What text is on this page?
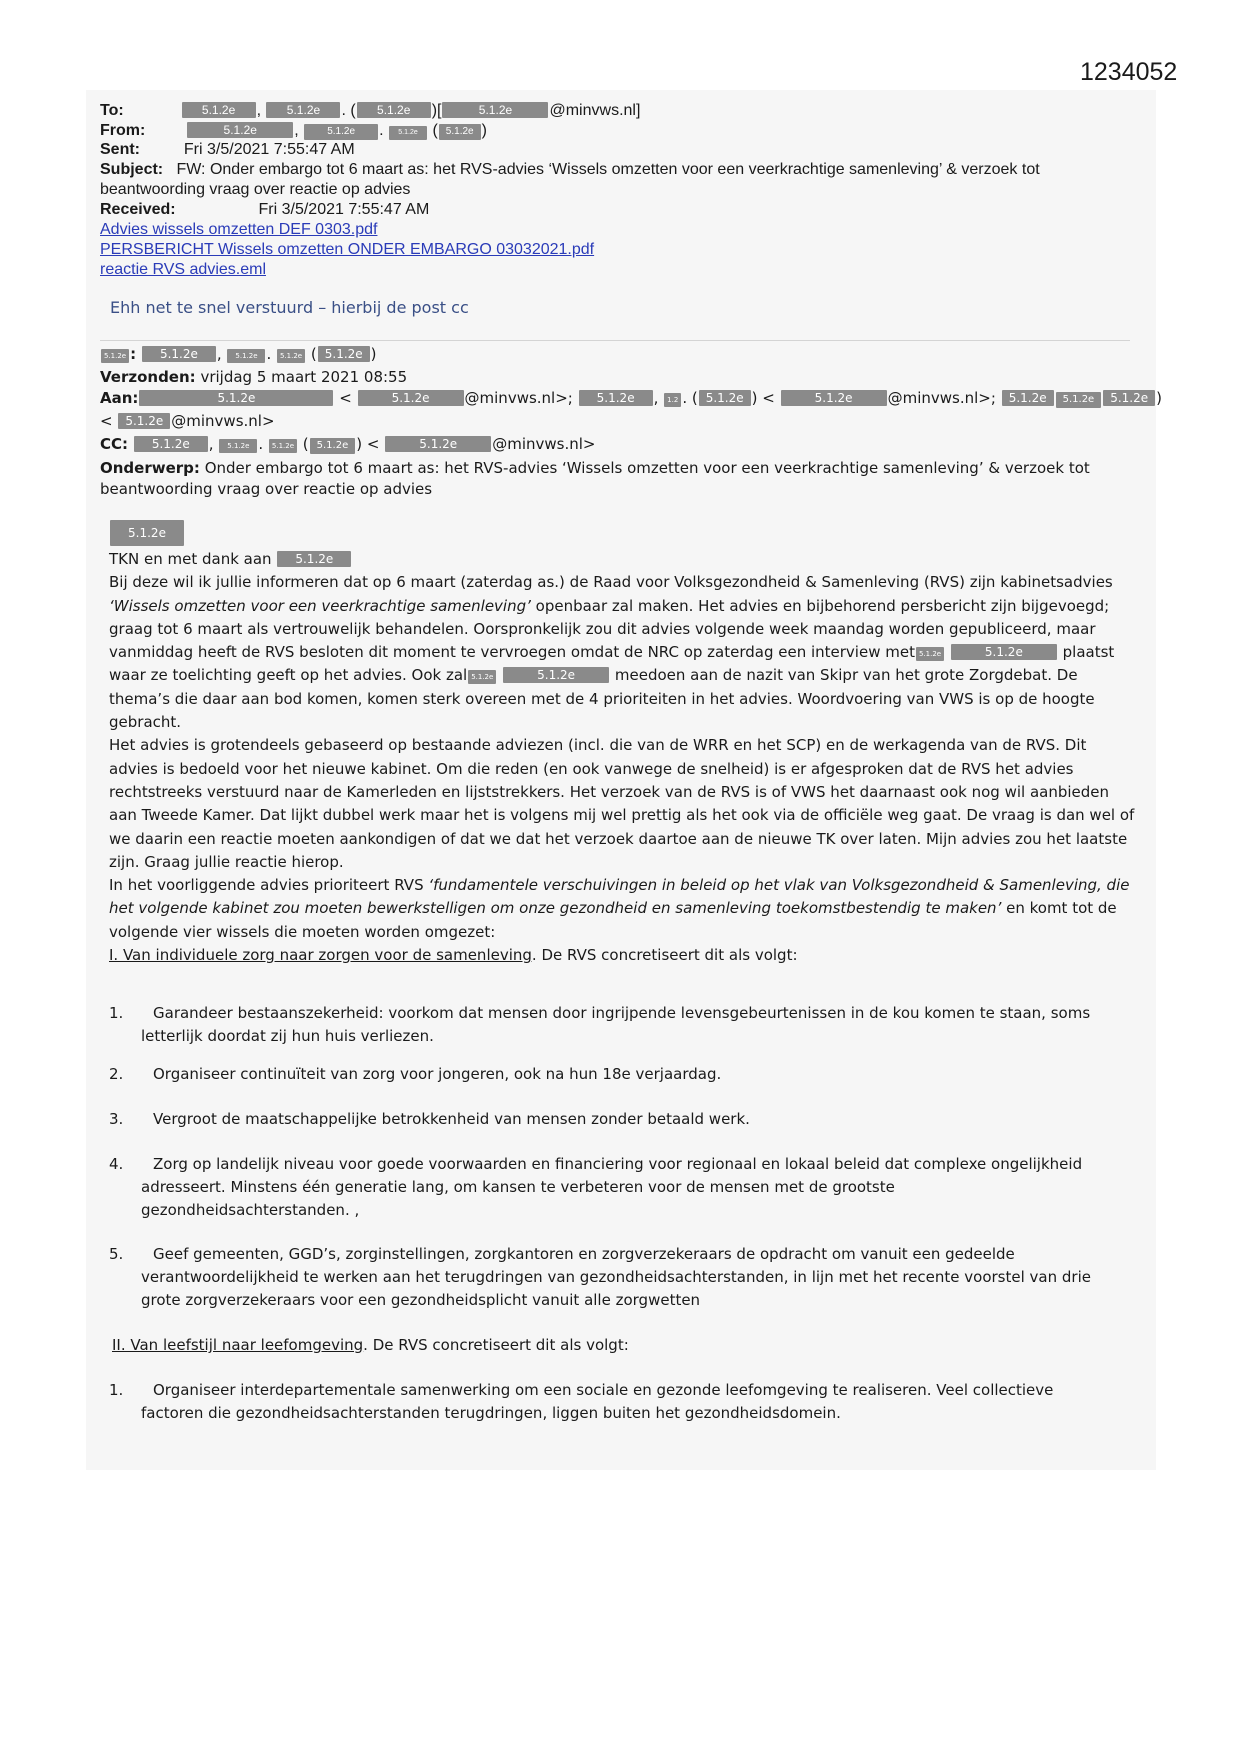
1234052
To:	5.1.2e , 5.1.2e . ( 5.1.2e )[	5.1.2e @minvws.nl]
From:	5.1.2e , 5.1.2e . 5.1.2e ( 5.1.2e )
Sent:	Fri 3/5/2021 7:55:47 AM
Subject: FW: Onder embargo tot 6 maart as: het RVS-advies ‘Wissels omzetten voor een veerkrachtige samenleving’ & verzoek tot beantwoording vraag over reactie op advies
Received:	Fri 3/5/2021 7:55:47 AM
Advies wissels omzetten DEF 0303.pdf
PERSBERICHT Wissels omzetten ONDER EMBARGO 03032021.pdf
reactie RVS advies.eml
Ehh net te snel verstuurd – hierbij de post cc
5.1.2e : 5.1.2e , 5.1.2e . 5.1.2e ( 5.1.2e )
Verzonden: vrijdag 5 maart 2021 08:55
Aan:	5.1.2e	<	5.1.2e @minvws.nl>; 5.1.2e , 1.2 . ( 5.1.2e ) <	5.1.2e @minvws.nl>; 5.1.2e 5.1.2e 5.1.2e )
< 5.1.2e @minvws.nl>
CC: 5.1.2e , 5.1.2e . 5.1.2e ( 5.1.2e ) <	5.1.2e @minvws.nl>
Onderwerp: Onder embargo tot 6 maart as: het RVS-advies ‘Wissels omzetten voor een veerkrachtige samenleving’ & verzoek tot beantwoording vraag over reactie op advies

5.1.2e

TKN en met dank aan 5.1.2e

Bij deze wil ik jullie informeren dat op 6 maart (zaterdag as.) de Raad voor Volksgezondheid & Samenleving (RVS) zijn kabinetsadvies ‘Wissels omzetten voor een veerkrachtige samenleving’ openbaar zal maken. Het advies en bijbehorend persbericht zijn bijgevoegd; graag tot 6 maart als vertrouwelijk behandelen. Oorspronkelijk zou dit advies volgende week maandag worden gepubliceerd, maar vanmiddag heeft de RVS besloten dit moment te vervroegen omdat de NRC op zaterdag een interview met 5.1.2e	5.1.2e	plaatst waar ze toelichting geeft op het advies. Ook zal 5.1.2e	5.1.2e	meedoen aan de nazit van Skipr van het grote Zorgdebat. De thema’s die daar aan bod komen, komen sterk overeen met de 4 prioriteiten in het advies. Woordvoering van VWS is op de hoogte gebracht.

Het advies is grotendeels gebaseerd op bestaande adviezen (incl. die van de WRR en het SCP) en de werkagenda van de RVS. Dit advies is bedoeld voor het nieuwe kabinet. Om die reden (en ook vanwege de snelheid) is er afgesproken dat de RVS het advies rechtstreeks verstuurd naar de Kamerleden en lijststrekkers. Het verzoek van de RVS is of VWS het daarnaast ook nog wil aanbieden aan Tweede Kamer. Dat lijkt dubbel werk maar het is volgens mij wel prettig als het ook via de officiële weg gaat. De vraag is dan wel of we daarin een reactie moeten aankondigen of dat we dat het verzoek daartoe aan de nieuwe TK over laten. Mijn advies zou het laatste zijn. Graag jullie reactie hierop.

In het voorliggende advies prioriteert RVS ‘fundamentele verschuivingen in beleid op het vlak van Volksgezondheid & Samenleving, die het volgende kabinet zou moeten bewerkstelligen om onze gezondheid en samenleving toekomstbestendig te maken’ en komt tot de volgende vier wissels die moeten worden omgezet:

I. Van individuele zorg naar zorgen voor de samenleving. De RVS concretiseert dit als volgt:

1.	Garandeer bestaanszekerheid: voorkom dat mensen door ingrijpende levensgebeurtenissen in de kou komen te staan, soms
letterlijk doordat zij hun huis verliezen.
2.	Organiseer continuïteit van zorg voor jongeren, ook na hun 18e verjaardag.
3.	Vergroot de maatschappelijke betrokkenheid van mensen zonder betaald werk.
4.	Zorg op landelijk niveau voor goede voorwaarden en financiering voor regionaal en lokaal beleid dat complexe ongelijkheid
adresseert. Minstens één generatie lang, om kansen te verbeteren voor de mensen met de grootste gezondheidsachterstanden. ,
5.	Geef gemeenten, GGD’s, zorginstellingen, zorgkantoren en zorgverzekeraars de opdracht om vanuit een gedeelde
verantwoordelijkheid te werken aan het terugdringen van gezondheidsachterstanden, in lijn met het recente voorstel van drie grote zorgverzekeraars voor een gezondheidsplicht vanuit alle zorgwetten
II. Van leefstijl naar leefomgeving. De RVS concretiseert dit als volgt:
1.	Organiseer interdepartementale samenwerking om een sociale en gezonde leefomgeving te realiseren. Veel collectieve
factoren die gezondheidsachterstanden terugdringen, liggen buiten het gezondheidsdomein.
